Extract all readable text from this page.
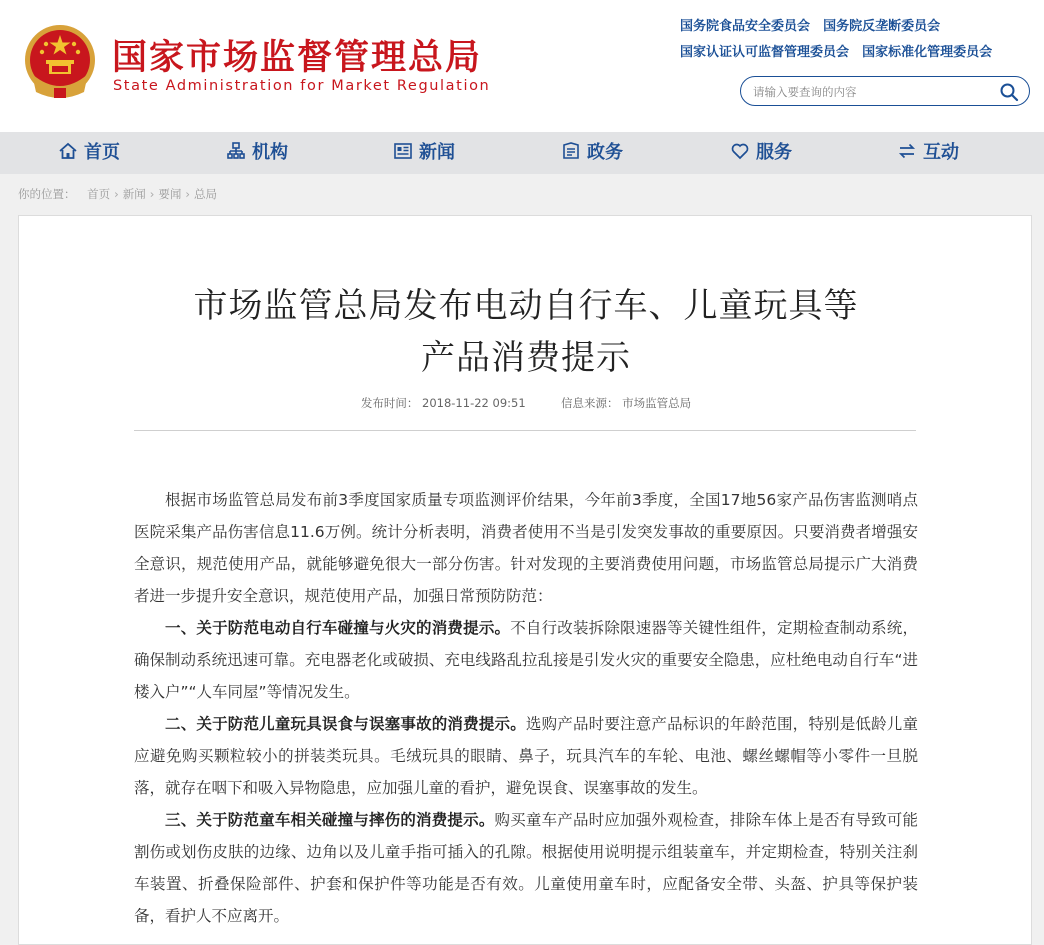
国家市场监督管理总局
State Administration for Market Regulation
国务院食品安全委员会 国务院反垄断委员会 国家认证认可监督管理委员会 国家标准化管理委员会
请输入要查询的内容
首页	机构	新闻	政务	服务	互动
你的位置： 首页 › 新闻 › 要闻 › 总局
市场监管总局发布电动自行车、儿童玩具等
产品消费提示
发布时间： 2018-11-22 09:51	信息来源： 市场监管总局

根据市场监管总局发布前3季度国家质量专项监测评价结果，今年前3季度，全国17地56家产品伤害监测哨点医院采集产品伤害信息11.6万例。统计分析表明，消费者使用不当是引发突发事故的重要原因。只要消费者增强安全意识，规范使用产品，就能够避免很大一部分伤害。针对发现的主要消费使用问题，市场监管总局提示广大消费者进一步提升安全意识，规范使用产品，加强日常预防防范：

一、关于防范电动自行车碰撞与火灾的消费提示。不自行改装拆除限速器等关键性组件，定期检查制动系统，确保制动系统迅速可靠。充电器老化或破损、充电线路乱拉乱接是引发火灾的重要安全隐患，应杜绝电动自行车“进楼入户”“人车同屋”等情况发生。

二、关于防范儿童玩具误食与误塞事故的消费提示。选购产品时要注意产品标识的年龄范围，特别是低龄儿童应避免购买颗粒较小的拼装类玩具。毛绒玩具的眼睛、鼻子，玩具汽车的车轮、电池、螺丝螺帽等小零件一旦脱落，就存在咽下和吸入异物隐患，应加强儿童的看护，避免误食、误塞事故的发生。

三、关于防范童车相关碰撞与摔伤的消费提示。购买童车产品时应加强外观检查，排除车体上是否有导致可能割伤或划伤皮肤的边缘、边角以及儿童手指可插入的孔隙。根据使用说明提示组装童车，并定期检查，特别关注刹车装置、折叠保险部件、护套和保护件等功能是否有效。儿童使用童车时，应配备安全带、头盔、护具等保护装备，看护人不应离开。
